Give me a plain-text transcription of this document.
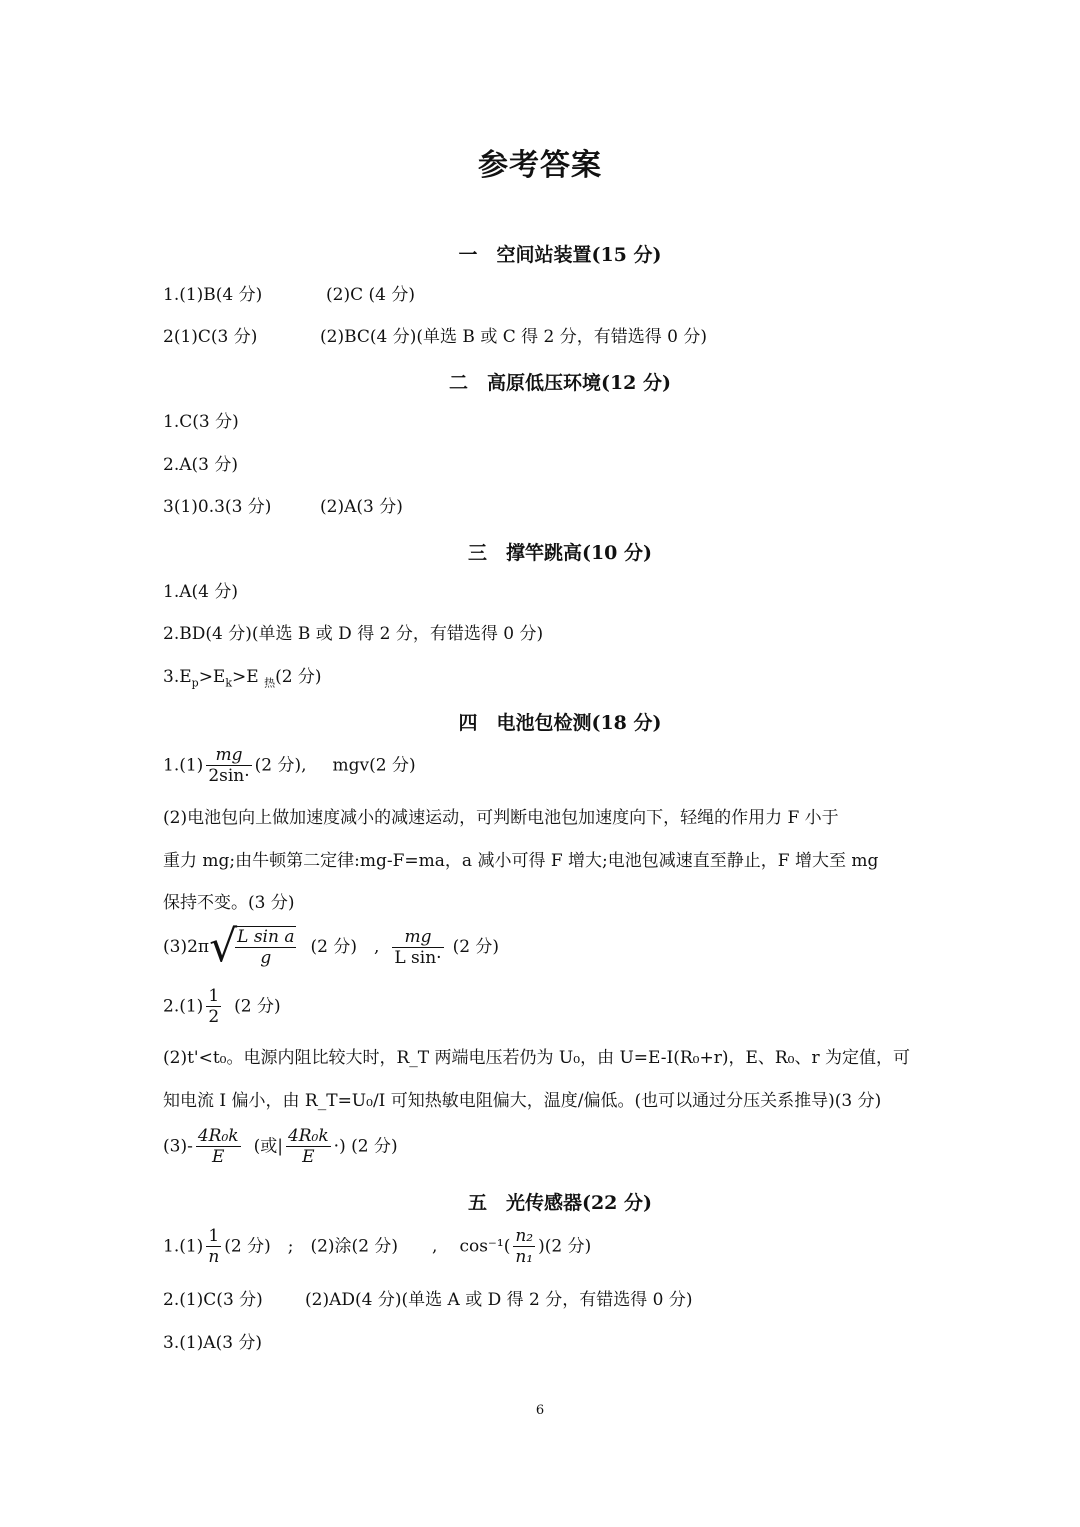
参考答案
一　空间站装置(15 分)
1.(1)B(4 分)	(2)C (4 分)
2(1)C(3 分)	(2)BC(4 分)(单选 B 或 C 得 2 分，有错选得 0 分)
二　高原低压环境(12 分)
1.C(3 分)
2.A(3 分)
3(1)0.3(3 分)	(2)A(3 分)
三　撑竿跳高(10 分)
1.A(4 分)
2.BD(4 分)(单选 B 或 D 得 2 分，有错选得 0 分)
$3.E_p>E_k>E$ $_热$(2 分)
四　电池包检测(18 分)
$1.(1) \frac{mg}{2\sin\cdot} (2$ 分), mgv(2 分)
(2)电池包向上做加速度减小的减速运动，可判断电池包加速度向下，轻绳的作用力 F 小于
重力 mg;由牛顿第二定律:mg-F=ma，a 减小可得 F 增大;电池包减速直至静止，F 增大至 mg
保持不变。(3 分)
(3)2π√
$\frac{\text{L sin a}}{g} (2$ 分)　, $\frac{mg}{\text{L sin·}} (2$ 分)
$2.(1) \frac{1}{2} (2$ 分)
(2)t'<t₀。电源内阻比较大时，R_T 两端电压若仍为 U₀，由 U=E-I(R₀+r)，E、R₀、r 为定值，可
知电流 I 偏小，由 R_T=U₀/I 可知热敏电阻偏大，温度/偏低。(也可以通过分压关系推导)(3 分)
$(3)- \frac{\text{4R₀k}}{E}$ (或| $\frac{\text{4R₀k}}{E}$ ·) (2 分)
五　光传感器(22 分)
$1.(1) \frac{1}{n} (2$ 分)　;　(2)涂(2 分)　　, $\cos^{-1}( \frac{\text{n₂}}{\text{n₁}} )(2$ 分)
2.(1)C(3 分) (2)AD(4 分)(单选 A 或 D 得 2 分，有错选得 0 分)
3.(1)A(3 分)
6
